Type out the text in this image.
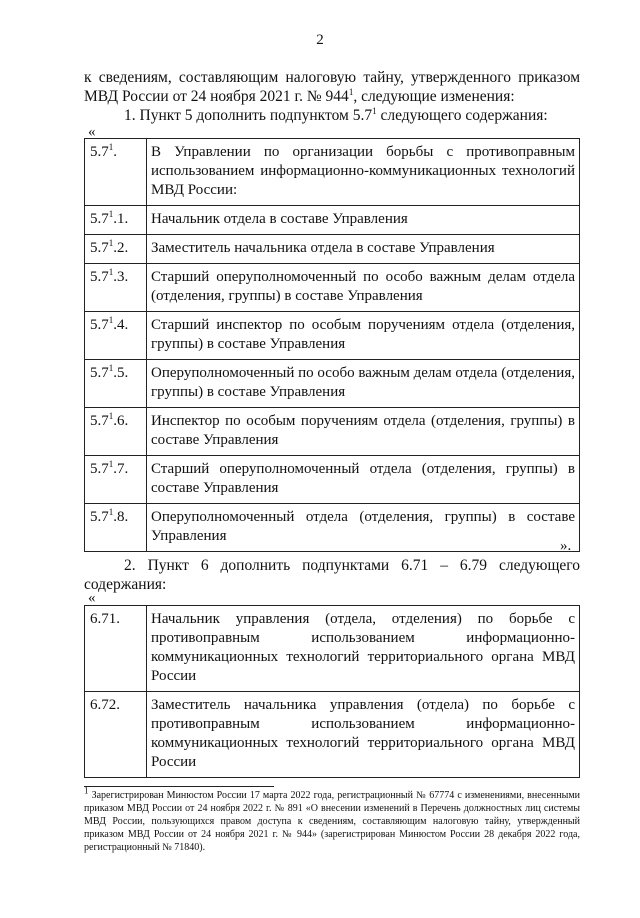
2
к сведениям, составляющим налоговую тайну, утвержденного приказом
МВД России от 24 ноября 2021 г. № $944^1$, следующие изменения:
1. Пункт 5 дополнить подпунктом $5.7^1$ следующего содержания:
«
$5.7^1$.	В Управлении по организации борьбы с противоправным использованием информационно-коммуникационных технологий МВД России:
$5.7^1.1$.	Начальник отдела в составе Управления
$5.7^1.2$.	Заместитель начальника отдела в составе Управления
$5.7^1.3$.	Старший оперуполномоченный по особо важным делам отдела (отделения, группы) в составе Управления
$5.7^1.4$.	Старший инспектор по особым поручениям отдела (отделения, группы) в составе Управления
$5.7^1.5$.	Оперуполномоченный по особо важным делам отдела (отделения, группы) в составе Управления
$5.7^1.6$.	Инспектор по особым поручениям отдела (отделения, группы) в составе Управления
$5.7^1.7$.	Старший оперуполномоченный отдела (отделения, группы) в составе Управления
$5.7^1.8$.	Оперуполномоченный отдела (отделения, группы) в составе Управления
».
2. Пункт 6 дополнить подпунктами 6.71 – 6.79 следующего
содержания:
«
6.71.	Начальник управления (отдела, отделения) по борьбе с противоправным использованием информационно-коммуникационных технологий территориального органа МВД России
6.72.	Заместитель начальника управления (отдела) по борьбе с противоправным использованием информационно-коммуникационных технологий территориального органа МВД России
$^1$ Зарегистрирован Минюстом России 17 марта 2022 года, регистрационный № 67774 с изменениями, внесенными приказом МВД России от 24 ноября 2022 г. № 891 «О внесении изменений в Перечень должностных лиц системы МВД России, пользующихся правом доступа к сведениям, составляющим налоговую тайну, утвержденный приказом МВД России от 24 ноября 2021 г. № 944» (зарегистрирован Минюстом России 28 декабря 2022 года, регистрационный № 71840).
